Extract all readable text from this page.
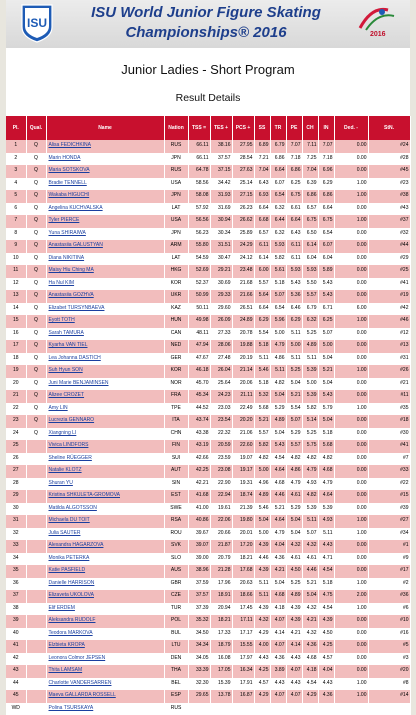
ISU
ISU World Junior Figure Skating
Championships® 2016	2016
Junior Ladies - Short Program
Result Details
Pl.	Qual.	Name	Nation	TSS =	TES +	PCS +	SS	TR	PE	CH	IN	Ded. -	StN.
1	Q	Alisa FEDICHKINA	RUS	66.11	38.16	27.95	6.89	6.79	7.07	7.11	7.07	0.00	#24
2	Q	Marin HONDA	JPN	66.11	37.57	28.54	7.21	6.86	7.18	7.25	7.18	0.00	#28
3	Q	Maria SOTSKOVA	RUS	64.78	37.15	27.63	7.04	6.64	6.86	7.04	6.96	0.00	#45
4	Q	Bradie TENNELL	USA	58.56	34.42	25.14	6.43	6.07	6.25	6.39	6.29	1.00	#23
5	Q	Wakaba HIGUCHI	JPN	58.08	31.93	27.15	6.93	6.54	6.75	6.86	6.86	1.00	#38
6	Q	Angelina KUCHVALSKA	LAT	57.92	31.69	26.23	6.64	6.32	6.61	6.57	6.64	0.00	#43
7	Q	Tyler PIERCE	USA	56.56	30.94	26.62	6.68	6.44	6.64	6.75	6.75	1.00	#37
8	Q	Yuna SHIRAIWA	JPN	56.23	30.34	25.89	6.57	6.32	6.43	6.50	6.54	0.00	#32
9	Q	Anastasiia GALUSTYAN	ARM	55.80	31.51	24.29	6.11	5.93	6.11	6.14	6.07	0.00	#44
10	Q	Diana NIKITINA	LAT	54.59	30.47	24.12	6.14	5.82	6.11	6.04	6.04	0.00	#29
11	Q	Maisy Hiu Ching MA	HKG	52.69	29.21	23.48	6.00	5.61	5.93	5.93	5.89	0.00	#25
12	Q	Ha Nul KIM	KOR	52.37	30.69	21.68	5.57	5.18	5.43	5.50	5.43	0.00	#41
13	Q	Anastasiia GOZHVA	UKR	50.99	29.33	21.66	5.64	5.07	5.36	5.57	5.43	0.00	#19
14	Q	Elizabet TURSYNBAEVA	KAZ	50.11	29.60	26.51	6.64	6.54	6.46	6.79	6.71	6.00	#42
15	Q	Eyott TOTH	HUN	49.98	26.09	24.89	6.29	5.96	6.29	6.32	6.25	1.00	#46
16	Q	Sarah TAMURA	CAN	48.11	27.33	20.78	5.54	5.00	5.11	5.25	5.07	0.00	#12
17	Q	Kyarha VAN TIEL	NED	47.94	28.06	19.88	5.18	4.79	5.00	4.89	5.00	0.00	#13
18	Q	Lea Johanna DASTICH	GER	47.67	27.48	20.19	5.11	4.86	5.11	5.11	5.04	0.00	#31
19	Q	Suh Hyun SON	KOR	46.18	26.04	21.14	5.46	5.11	5.25	5.39	5.21	1.00	#26
20	Q	Juni Marie BENJAMINSEN	NOR	45.70	25.64	20.06	5.18	4.82	5.04	5.00	5.04	0.00	#21
21	Q	Alizee CROZET	FRA	45.34	24.23	21.11	5.32	5.04	5.21	5.39	5.43	0.00	#11
22	Q	Amy LIN	TPE	44.52	23.03	22.49	5.68	5.29	5.54	5.82	5.79	1.00	#35
23	Q	Lucrezia GENNARO	ITA	43.74	23.54	20.20	5.21	4.89	5.07	5.14	5.04	0.00	#18
24	Q	Xiangning LI	CHN	43.38	22.32	21.06	5.57	5.04	5.29	5.25	5.18	0.00	#30
25		Vivica LINDFORS	FIN	43.19	20.59	22.60	5.82	5.43	5.57	5.75	5.68	0.00	#41
26		Sheline RÜEGGER	SUI	42.66	23.59	19.07	4.82	4.54	4.82	4.82	4.82	0.00	#7
27		Natalie KLOTZ	AUT	42.25	23.08	19.17	5.00	4.64	4.86	4.79	4.68	0.00	#33
28		Shuran YU	SIN	42.21	22.90	19.31	4.96	4.68	4.79	4.93	4.79	0.00	#22
29		Kristina SHKULETA-GROMOVA	EST	41.68	22.94	18.74	4.89	4.46	4.61	4.82	4.64	0.00	#15
30		Matilda ALGOTSSON	SWE	41.00	19.61	21.39	5.46	5.21	5.29	5.39	5.39	0.00	#39
31		Michaela DU TOIT	RSA	40.86	22.06	19.80	5.04	4.64	5.04	5.11	4.93	1.00	#27
32		Julia SAUTER	ROU	39.67	20.66	20.01	5.00	4.79	5.04	5.07	5.11	1.00	#34
33		Alexandra HAGARZOVA	SVK	39.07	21.87	17.20	4.39	4.04	4.32	4.32	4.43	0.00	#1
34		Monika PETERKA	SLO	39.00	20.79	18.21	4.46	4.36	4.61	4.61	4.71	0.00	#9
35		Katie PASFIELD	AUS	38.96	21.28	17.68	4.39	4.21	4.50	4.46	4.54	0.00	#17
36		Danielle HARRISON	GBR	37.59	17.96	20.63	5.11	5.04	5.25	5.21	5.18	1.00	#2
37		Elizaveta UKOLOVA	CZE	37.57	18.91	18.66	5.11	4.68	4.89	5.04	4.75	2.00	#36
38		Elif ERDEM	TUR	37.39	20.94	17.45	4.39	4.18	4.39	4.32	4.54	1.00	#6
39		Aleksandra RUDOLF	POL	35.32	18.21	17.11	4.32	4.07	4.39	4.21	4.39	0.00	#10
40		Teodora MARKOVA	BUL	34.50	17.33	17.17	4.29	4.14	4.21	4.32	4.50	0.00	#16
41		Elzbieta KROPA	LTU	34.34	18.79	15.55	4.00	4.07	4.14	4.36	4.25	0.00	#5
42		Leonora Colmor JEPSEN	DEN	34.05	16.08	17.97	4.43	4.36	4.43	4.68	4.57	0.00	#3
43		Thita LAMSAM	THA	33.39	17.05	16.34	4.25	3.89	4.07	4.18	4.04	0.00	#20
44		Charlotte VANDERSARREN	BEL	32.30	15.39	17.91	4.57	4.43	4.43	4.54	4.43	1.00	#8
45		Maeva GALLARDA ROSSELL	ESP	29.65	13.78	16.87	4.29	4.07	4.07	4.29	4.36	1.00	#14
WD		Polina TSURSKAYA	RUS										
